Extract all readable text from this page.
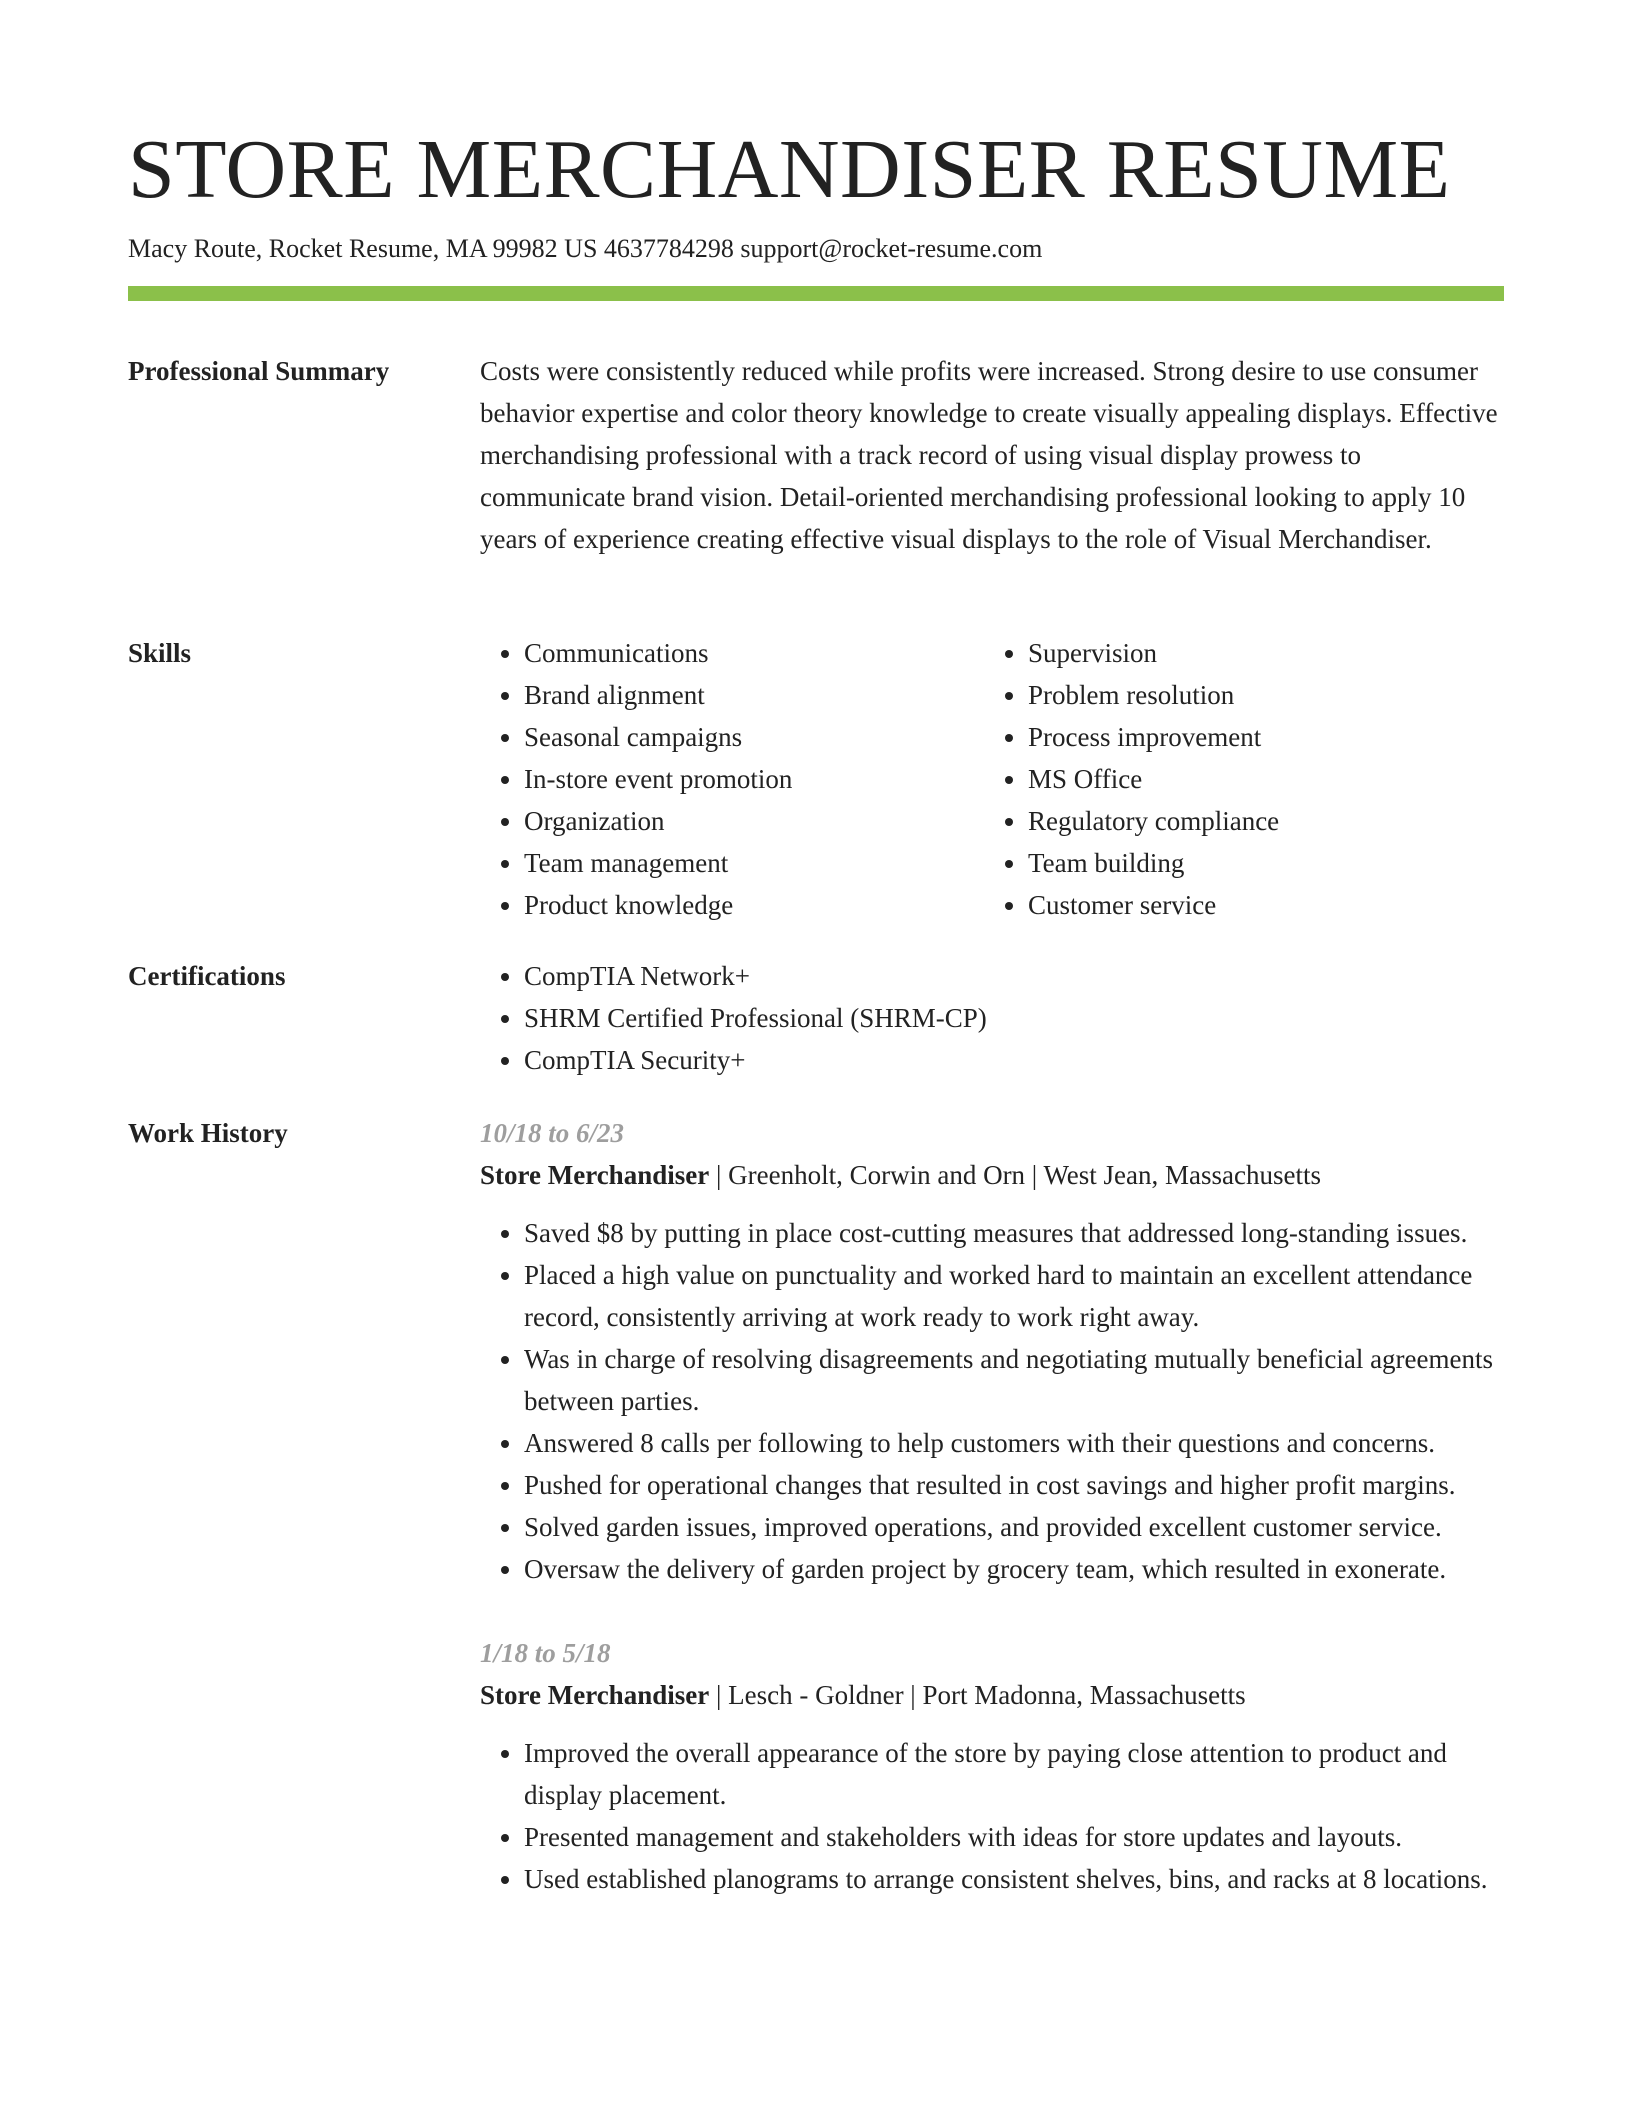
STORE MERCHANDISER RESUME
Macy Route, Rocket Resume, MA 99982 US 4637784298 support@rocket-resume.com
Professional Summary	Costs were consistently reduced while profits were increased. Strong desire to use consumer behavior expertise and color theory knowledge to create visually appealing displays. Effective merchandising professional with a track record of using visual display prowess to communicate brand vision. Detail-oriented merchandising professional looking to apply 10 years of experience creating effective visual displays to the role of Visual Merchandiser.

Skills	• Communications
• Brand alignment
• Seasonal campaigns
• In-store event promotion
• Organization
• Team management
• Product knowledge
• Supervision
• Problem resolution
• Process improvement
• MS Office
• Regulatory compliance
• Team building
• Customer service
Certifications	• CompTIA Network+
• SHRM Certified Professional (SHRM-CP)
• CompTIA Security+
Work History	10/18 to 6/23
Store Merchandiser | Greenholt, Corwin and Orn | West Jean, Massachusetts
• Saved $8 by putting in place cost-cutting measures that addressed long-standing issues.
• Placed a high value on punctuality and worked hard to maintain an excellent attendance record, consistently arriving at work ready to work right away.
• Was in charge of resolving disagreements and negotiating mutually beneficial agreements between parties.
• Answered 8 calls per following to help customers with their questions and concerns.
• Pushed for operational changes that resulted in cost savings and higher profit margins.
• Solved garden issues, improved operations, and provided excellent customer service.
• Oversaw the delivery of garden project by grocery team, which resulted in exonerate.
1/18 to 5/18
Store Merchandiser | Lesch - Goldner | Port Madonna, Massachusetts
• Improved the overall appearance of the store by paying close attention to product and display placement.
• Presented management and stakeholders with ideas for store updates and layouts.
• Used established planograms to arrange consistent shelves, bins, and racks at 8 locations.
